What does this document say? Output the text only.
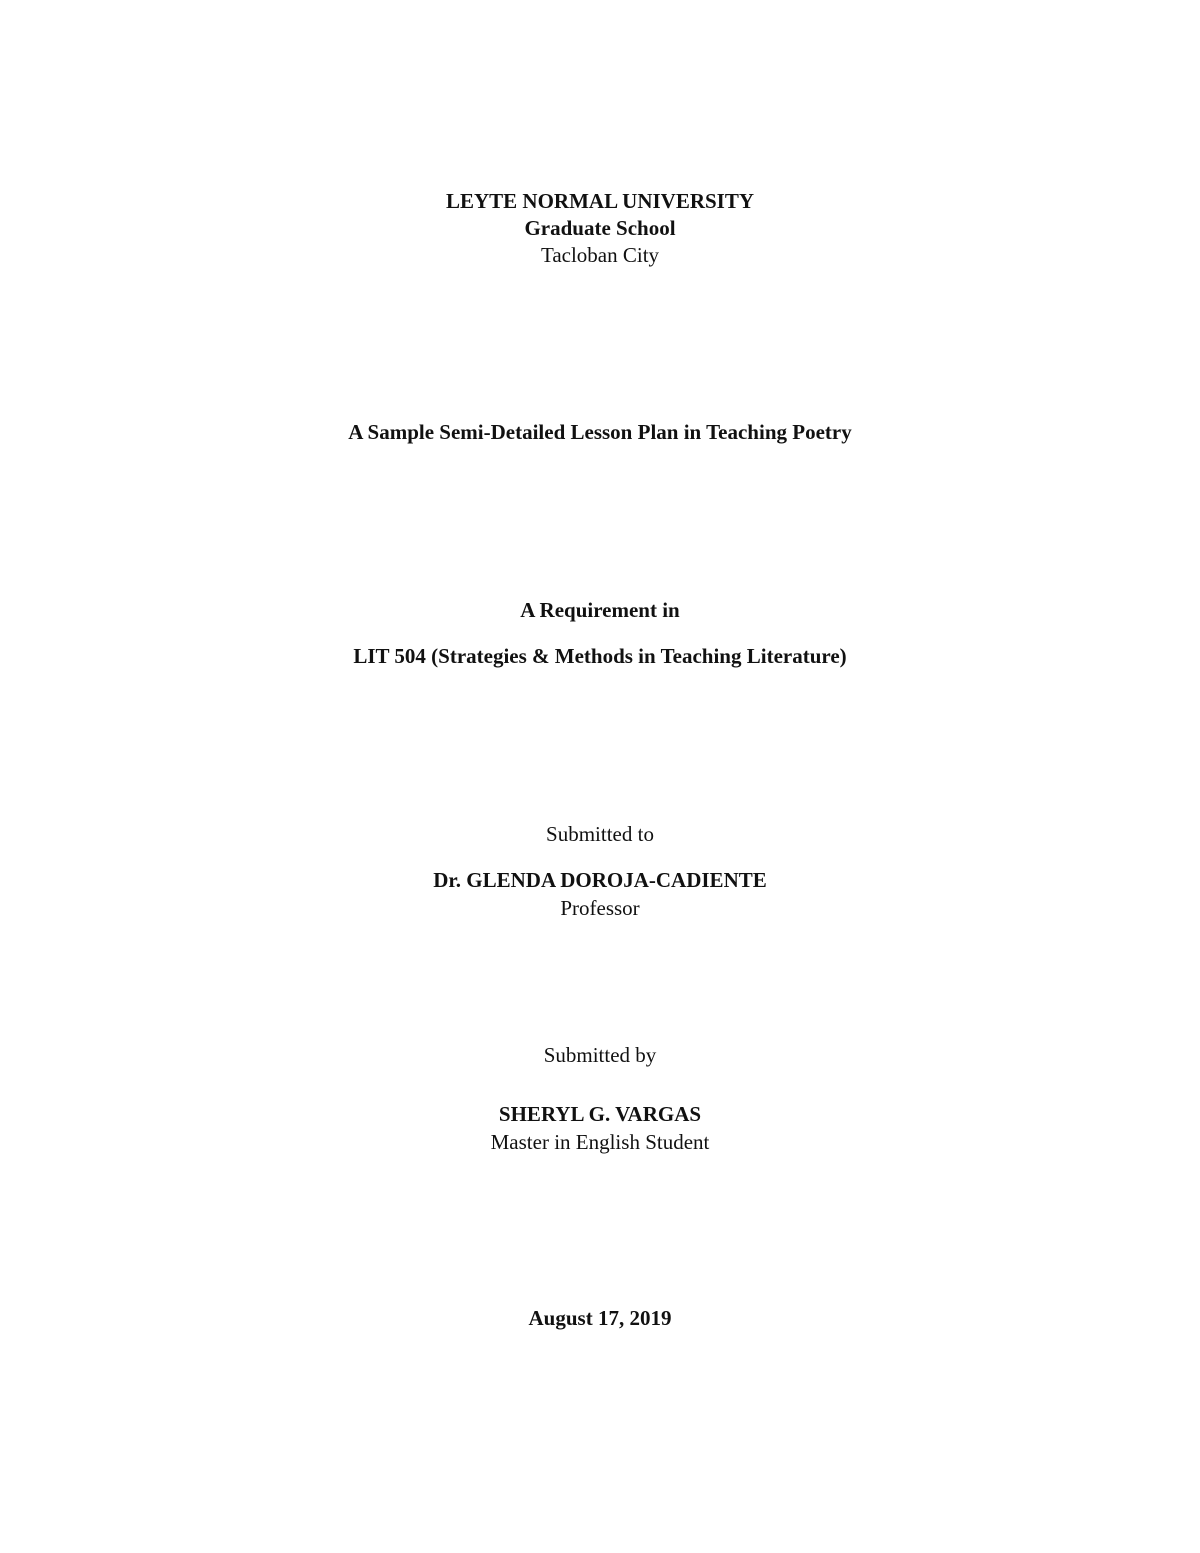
LEYTE NORMAL UNIVERSITY
Graduate School
Tacloban City
A Sample Semi-Detailed Lesson Plan in Teaching Poetry
A Requirement in
LIT 504 (Strategies & Methods in Teaching Literature)
Submitted to
Dr. GLENDA DOROJA-CADIENTE
Professor
Submitted by
SHERYL G. VARGAS
Master in English Student
August 17, 2019
